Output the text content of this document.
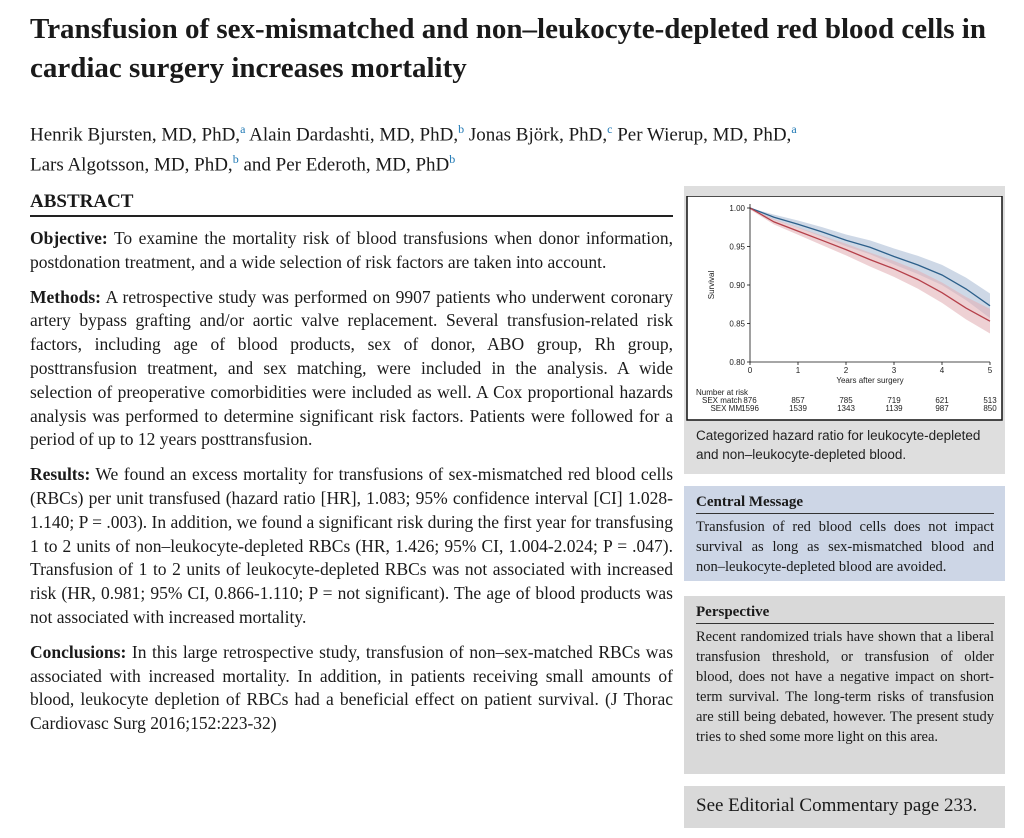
Transfusion of sex-mismatched and non–leukocyte-depleted red blood cells in cardiac surgery increases mortality
Henrik Bjursten, MD, PhD,$^a$ Alain Dardashti, MD, PhD,$^b$ Jonas Björk, PhD,$^c$ Per Wierup, MD, PhD,$^a$
Lars Algotsson, MD, PhD,$^b$ and Per Ederoth, MD, PhD$^b$
ABSTRACT

Objective: To examine the mortality risk of blood transfusions when donor information, postdonation treatment, and a wide selection of risk factors are taken into account.

Methods: A retrospective study was performed on 9907 patients who underwent coronary artery bypass grafting and/or aortic valve replacement. Several transfusion-related risk factors, including age of blood products, sex of donor, ABO group, Rh group, posttransfusion treatment, and sex matching, were included in the analysis. A wide selection of preoperative comorbidities were included as well. A Cox proportional hazards analysis was performed to determine significant risk factors. Patients were followed for a period of up to 12 years posttransfusion.

Results: We found an excess mortality for transfusions of sex-mismatched red blood cells (RBCs) per unit transfused (hazard ratio [HR], 1.083; 95% confidence interval [CI] 1.028-1.140; P = .003). In addition, we found a significant risk during the first year for transfusing 1 to 2 units of non–leukocyte-depleted RBCs (HR, 1.426; 95% CI, 1.004-2.024; P = .047). Transfusion of 1 to 2 units of leukocyte-depleted RBCs was not associated with increased risk (HR, 0.981; 95% CI, 0.866-1.110; P = not significant). The age of blood products was not associated with increased mortality.

Conclusions: In this large retrospective study, transfusion of non–sex-matched RBCs was associated with increased mortality. In addition, in patients receiving small amounts of blood, leukocyte depletion of RBCs had a beneficial effect on patient survival. (J Thorac Cardiovasc Surg 2016;152:223-32)

1.00
0.95
0.90
0.85
0.80
0	1	2	3	4	5
Years after surgery
Survival
Number at risk
SEX match 876	857	785	719	621	513
SEX MM 1596	1539	1343	1139	987	850
Categorized hazard ratio for leukocyte-depleted and non–leukocyte-depleted blood.
Central Message
Transfusion of red blood cells does not impact survival as long as sex-mismatched blood and non–leukocyte-depleted blood are avoided.
Perspective
Recent randomized trials have shown that a liberal transfusion threshold, or transfusion of older blood, does not have a negative impact on short-term survival. The long-term risks of transfusion are still being debated, however. The present study tries to shed some more light on this area.
See Editorial Commentary page 233.
